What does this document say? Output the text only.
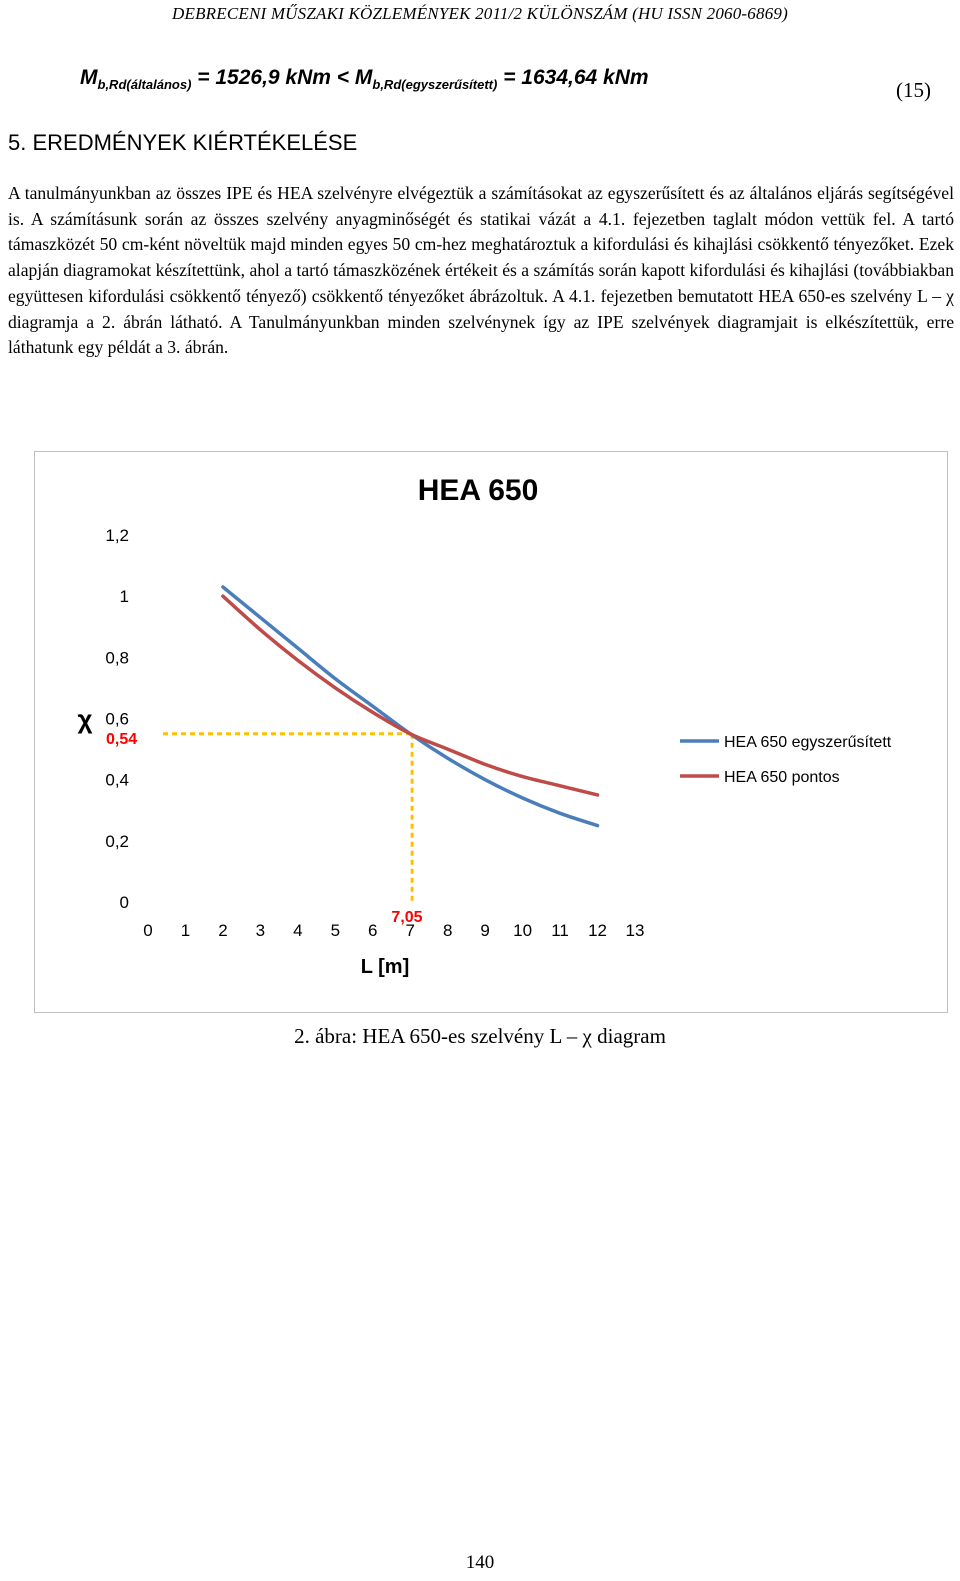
DEBRECENI MŰSZAKI KÖZLEMÉNYEK 2011/2 KÜLÖNSZÁM (HU ISSN 2060-6869)
$M_{b,Rd(általános)} = 1526,9$ kNm < $M_{b,Rd(egyszerűsített)} = 1634,64$ kNm
(15)
5. EREDMÉNYEK KIÉRTÉKELÉSE
A tanulmányunkban az összes IPE és HEA szelvényre elvégeztük a számításokat az egyszerűsített és az általános eljárás segítségével is. A számításunk során az összes szelvény anyagminőségét és statikai vázát a 4.1. fejezetben taglalt módon vettük fel. A tartó támaszközét 50 cm-ként növeltük majd minden egyes 50 cm-hez meghatároztuk a kifordulási és kihajlási csökkentő tényezőket. Ezek alapján diagramokat készítettünk, ahol a tartó támaszközének értékeit és a számítás során kapott kifordulási és kihajlási (továbbiakban együttesen kifordulási csökkentő tényező) csökkentő tényezőket ábrázoltuk. A 4.1. fejezetben bemutatott HEA 650-es szelvény L – χ diagramja a 2. ábrán látható. A Tanulmányunkban minden szelvénynek így az IPE szelvények diagramjait is elkészítettük, erre láthatunk egy példát a 3. ábrán.
HEA 650
0
0,2
0,4
0,6
0,8
1
1,2
0 1 2 3 4 5 6 7 8 9 10 11 12 13
L [m]
χ
0,54
7,05
HEA 650 egyszerűsített
HEA 650 pontos
2. ábra: HEA 650-es szelvény L – χ diagram
140
